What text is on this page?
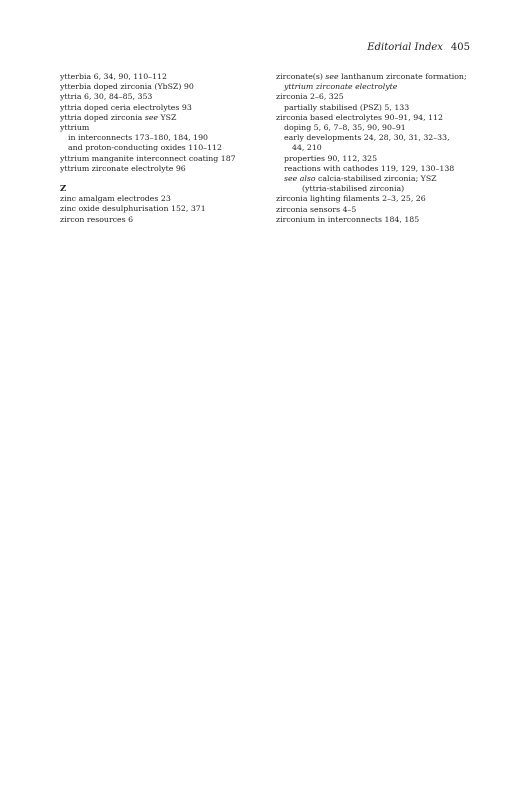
Editorial Index 405
ytterbia 6, 34, 90, 110–112
ytterbia doped zirconia (YbSZ) 90
yttria 6, 30, 84–85, 353
yttria doped ceria electrolytes 93
yttria doped zirconia see YSZ
yttrium
in interconnects 173–180, 184, 190
and proton-conducting oxides 110–112
yttrium manganite interconnect coating 187
yttrium zirconate electrolyte 96
Z
zinc amalgam electrodes 23
zinc oxide desulphurisation 152, 371
zircon resources 6
zirconate(s) see lanthanum zirconate formation;
yttrium zirconate electrolyte
zirconia 2–6, 325
partially stabilised (PSZ) 5, 133
zirconia based electrolytes 90–91, 94, 112
doping 5, 6, 7–8, 35, 90, 90–91
early developments 24, 28, 30, 31, 32–33,
44, 210
properties 90, 112, 325
reactions with cathodes 119, 129, 130–138
see also calcia-stabilised zirconia; YSZ
(yttria-stabilised zirconia)
zirconia lighting filaments 2–3, 25, 26
zirconia sensors 4–5
zirconium in interconnects 184, 185
